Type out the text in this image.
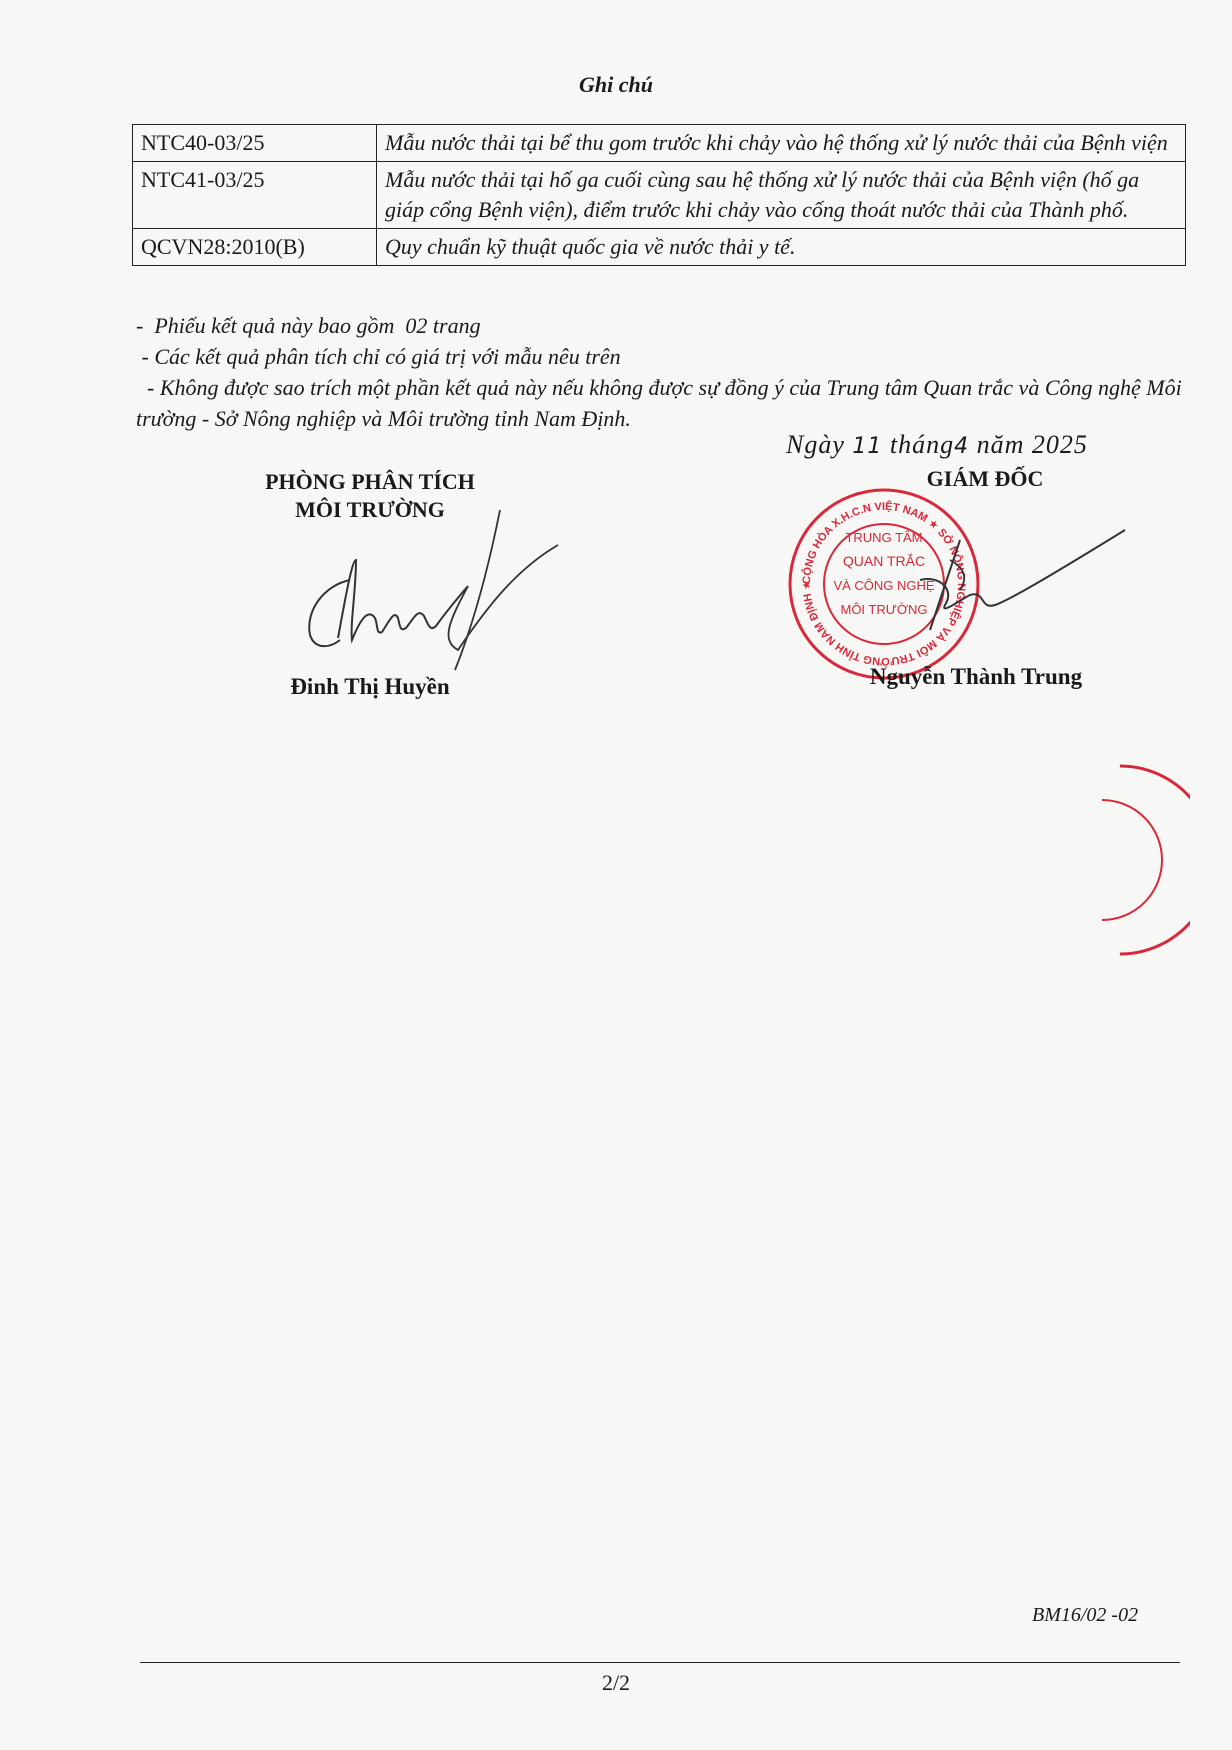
Ghi chú
NTC40-03/25	Mẫu nước thải tại bể thu gom trước khi chảy vào hệ thống xử lý nước thải của Bệnh viện
NTC41-03/25	Mẫu nước thải tại hố ga cuối cùng sau hệ thống xử lý nước thải của Bệnh viện (hố ga giáp cổng Bệnh viện), điểm trước khi chảy vào cống thoát nước thải của Thành phố.
QCVN28:2010(B)	Quy chuẩn kỹ thuật quốc gia về nước thải y tế.
-  Phiếu kết quả này bao gồm  02 trang
- Các kết quả phân tích chỉ có giá trị với mẫu nêu trên
- Không được sao trích một phần kết quả này nếu không được sự đồng ý của Trung tâm Quan trắc và Công nghệ Môi trường - Sở Nông nghiệp và Môi trường tỉnh Nam Định.
Ngày 11 tháng4 năm 2025
PHÒNG PHÂN TÍCH
MÔI TRƯỜNG
GIÁM ĐỐC
CỘNG HÒA X.H.C.N VIỆT NAM ★ SỞ NÔNG NGHIỆP VÀ MÔI TRƯỜNG TỈNH NAM ĐỊNH ★
TRUNG TÂM
QUAN TRẮC
VÀ CÔNG NGHỆ
MÔI TRƯỜNG
Đinh Thị Huyền	Nguyễn Thành Trung
BM16/02 -02
2/2
